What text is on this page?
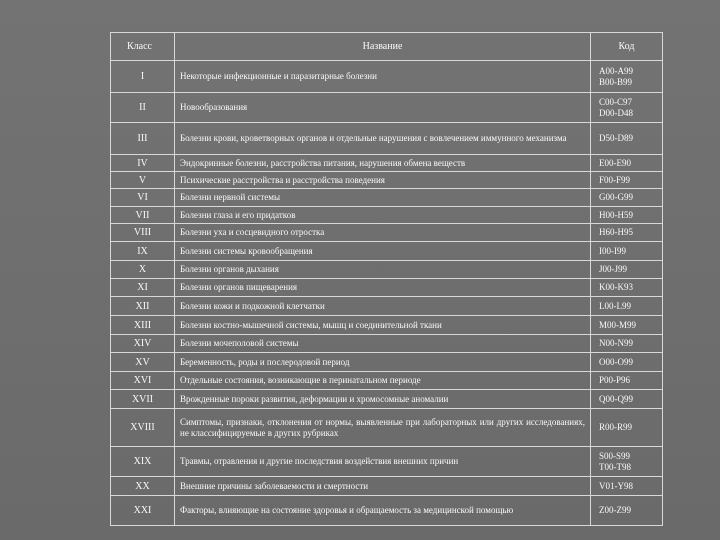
Класс	Название	Код
I	Некоторые инфекционные и паразитарные болезни	A00-A99
B00-B99

II	Новообразования	C00-C97
D00-D48

III	Болезни крови, кроветворных органов и отдельные нарушения с вовлечением иммунного механизма	D50-D89

IV	Эндокринные болезни, расстройства питания, нарушения обмена веществ	E00-E90

V	Психические расстройства и расстройства поведения	F00-F99

VI	Болезни нервной системы	G00-G99

VII	Болезни глаза и его придатков	H00-H59

VIII	Болезни уха и сосцевидного отростка	H60-H95

IX	Болезни системы кровообращения	I00-I99

X	Болезни органов дыхания	J00-J99

XI	Болезни органов пищеварения	K00-K93

XII	Болезни кожи и подкожной клетчатки	L00-L99

XIII	Болезни костно-мышечной системы, мышц и соединительной ткани	M00-M99

XIV	Болезни мочеполовой системы	N00-N99

XV	Беременность, роды и послеродовой период	O00-O99

XVI	Отдельные состояния, возникающие в перинатальном периоде	P00-P96

XVII	Врожденные пороки развития, деформации и хромосомные аномалии	Q00-Q99

XVIII	Симптомы, признаки, отклонения от нормы, выявленные при лабораторных или других исследованиях, не классифицируемые в других рубриках	R00-R99

XIX	Травмы, отравления и другие последствия воздействия внешних причин	S00-S99
T00-T98

XX	Внешние причины заболеваемости и смертности	V01-Y98

XXI	Факторы, влияющие на состояние здоровья и обращаемость за медицинской помощью	Z00-Z99
